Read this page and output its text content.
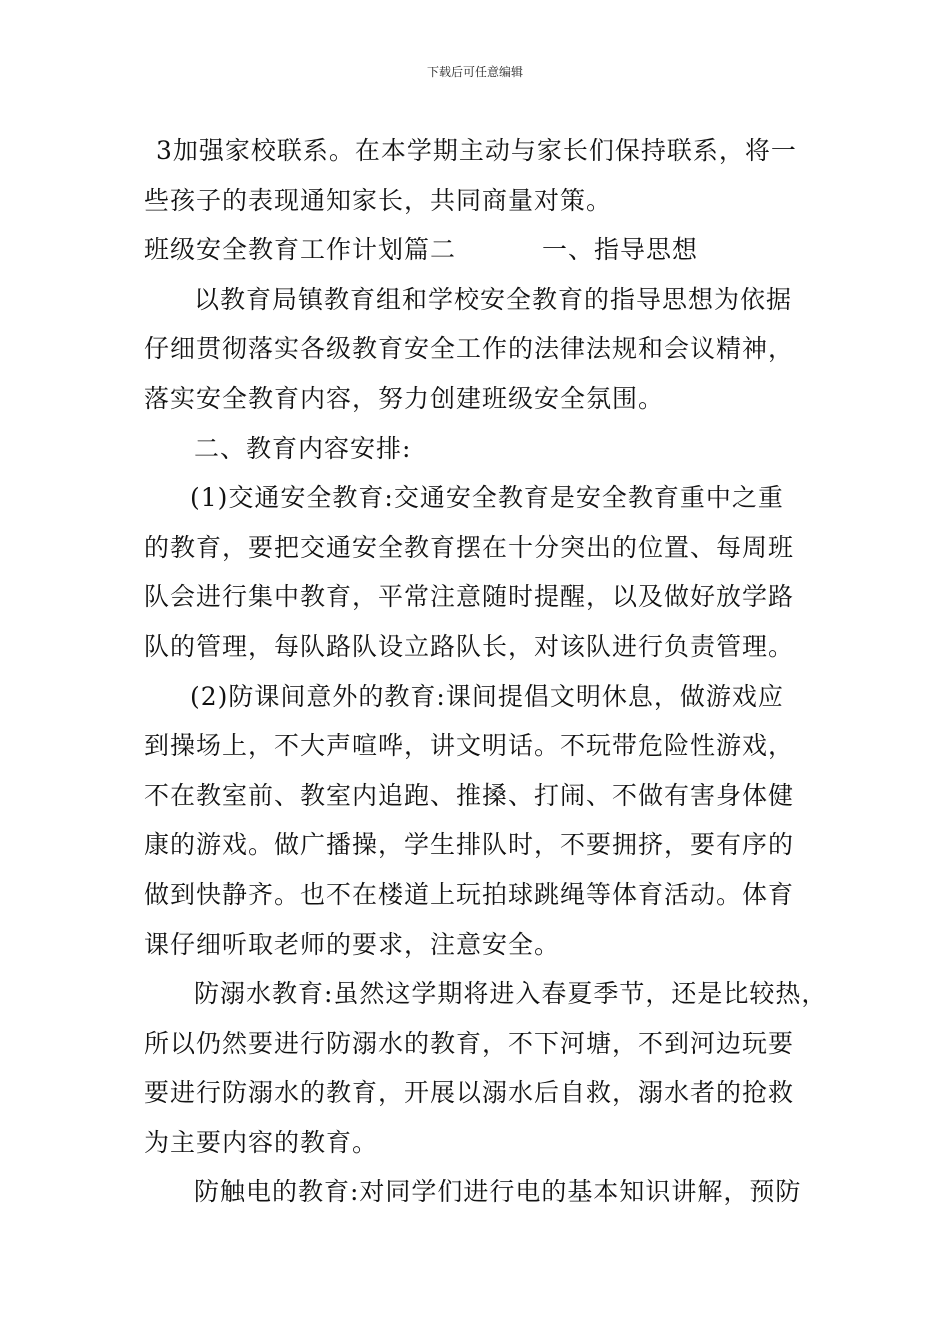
下载后可任意编辑
3加强家校联系。在本学期主动与家长们保持联系，将一
些孩子的表现通知家长，共同商量对策。
班级安全教育工作计划篇二	一、指导思想
以教育局镇教育组和学校安全教育的指导思想为依据
仔细贯彻落实各级教育安全工作的法律法规和会议精神，
落实安全教育内容，努力创建班级安全氛围。
二、教育内容安排:
(1)交通安全教育:交通安全教育是安全教育重中之重
的教育，要把交通安全教育摆在十分突出的位置、每周班
队会进行集中教育，平常注意随时提醒，以及做好放学路
队的管理，每队路队设立路队长，对该队进行负责管理。
(2)防课间意外的教育:课间提倡文明休息，做游戏应
到操场上，不大声喧哗，讲文明话。不玩带危险性游戏，
不在教室前、教室内追跑、推搡、打闹、不做有害身体健
康的游戏。做广播操，学生排队时，不要拥挤，要有序的
做到快静齐。也不在楼道上玩拍球跳绳等体育活动。体育
课仔细听取老师的要求，注意安全。
防溺水教育:虽然这学期将进入春夏季节，还是比较热，
所以仍然要进行防溺水的教育，不下河塘，不到河边玩要
要进行防溺水的教育，开展以溺水后自救，溺水者的抢救
为主要内容的教育。
防触电的教育:对同学们进行电的基本知识讲解，预防
